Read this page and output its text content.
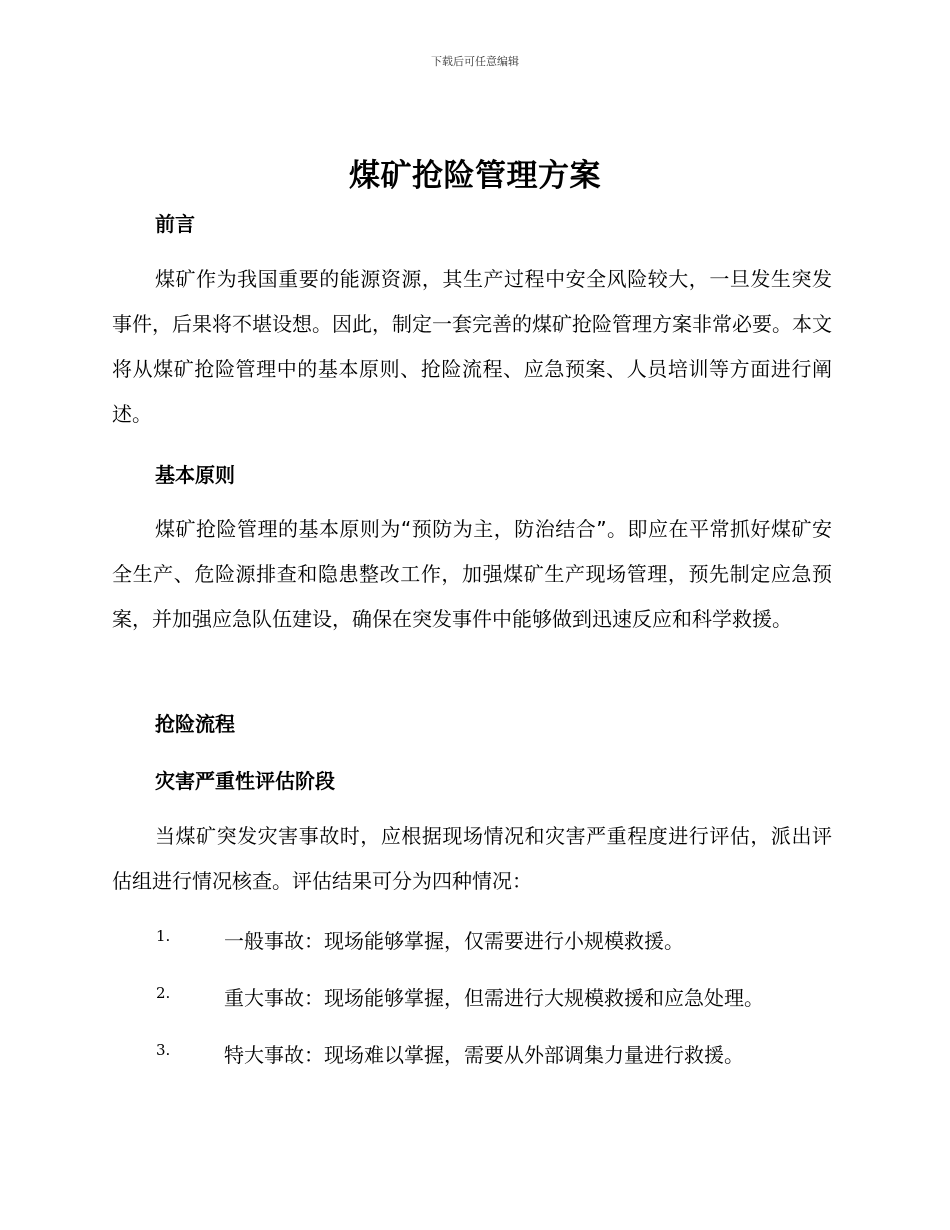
下载后可任意编辑
煤矿抢险管理方案
前言

煤矿作为我国重要的能源资源，其生产过程中安全风险较大，一旦发生突发事件，后果将不堪设想。因此，制定一套完善的煤矿抢险管理方案非常必要。本文将从煤矿抢险管理中的基本原则、抢险流程、应急预案、人员培训等方面进行阐述。

基本原则

煤矿抢险管理的基本原则为“预防为主，防治结合”。即应在平常抓好煤矿安全生产、危险源排查和隐患整改工作，加强煤矿生产现场管理，预先制定应急预案，并加强应急队伍建设，确保在突发事件中能够做到迅速反应和科学救援。

抢险流程
灾害严重性评估阶段

当煤矿突发灾害事故时，应根据现场情况和灾害严重程度进行评估，派出评估组进行情况核查。评估结果可分为四种情况：

1.	一般事故：现场能够掌握，仅需要进行小规模救援。
2.	重大事故：现场能够掌握，但需进行大规模救援和应急处理。
3.	特大事故：现场难以掌握，需要从外部调集力量进行救援。
